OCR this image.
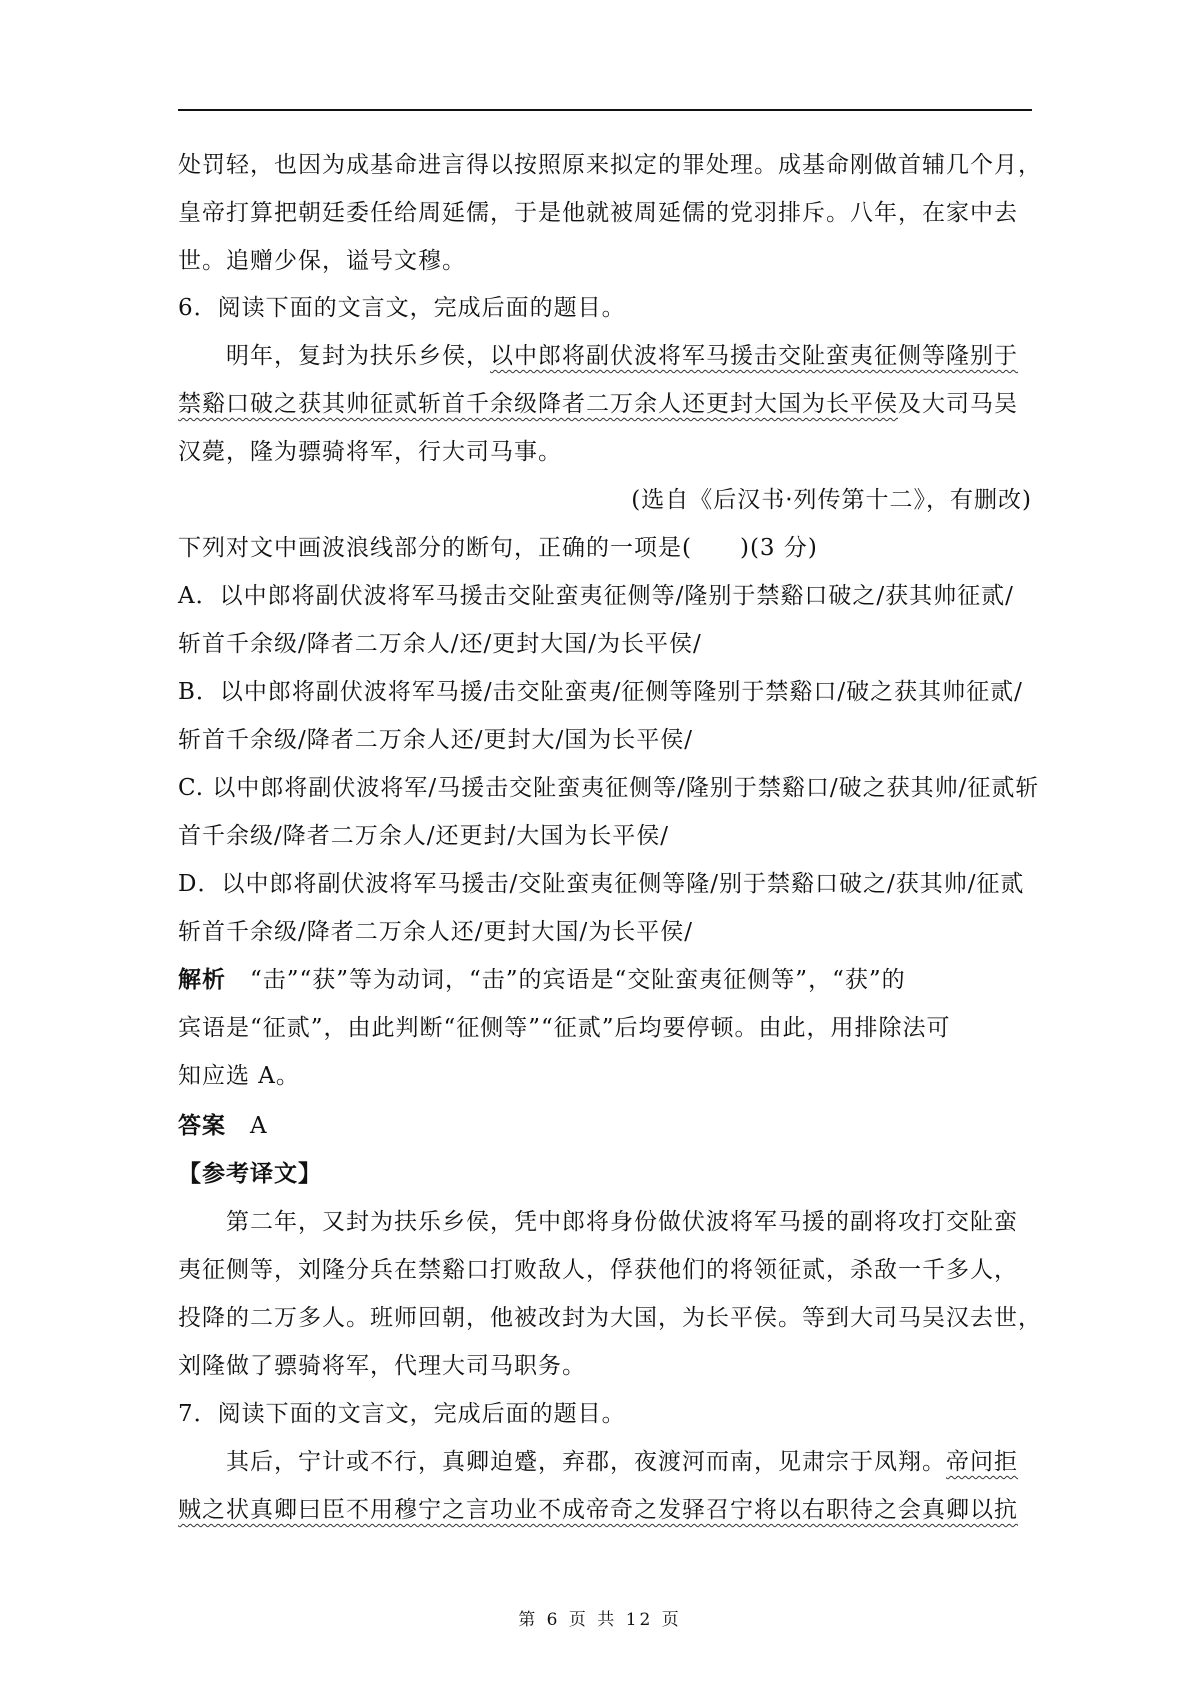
处罚轻，也因为成基命进言得以按照原来拟定的罪处理。成基命刚做首辅几个月，
皇帝打算把朝廷委任给周延儒，于是他就被周延儒的党羽排斥。八年，在家中去
世。追赠少保，谥号文穆。
6．阅读下面的文言文，完成后面的题目。
明年，复封为扶乐乡侯，以中郎将副伏波将军马援击交阯蛮夷征侧等隆别于
禁谿口破之获其帅征贰斩首千余级降者二万余人还更封大国为长平侯及大司马吴
汉薨，隆为骠骑将军，行大司马事。
(选自《后汉书·列传第十二》，有删改)
下列对文中画波浪线部分的断句，正确的一项是(　　)(3 分)
A．以中郎将副伏波将军马援击交阯蛮夷征侧等/隆别于禁谿口破之/获其帅征贰/
斩首千余级/降者二万余人/还/更封大国/为长平侯/
B．以中郎将副伏波将军马援/击交阯蛮夷/征侧等隆别于禁谿口/破之获其帅征贰/
斩首千余级/降者二万余人还/更封大/国为长平侯/
C. 以中郎将副伏波将军/马援击交阯蛮夷征侧等/隆别于禁谿口/破之获其帅/征贰斩
首千余级/降者二万余人/还更封/大国为长平侯/
D．以中郎将副伏波将军马援击/交阯蛮夷征侧等隆/别于禁谿口破之/获其帅/征贰
斩首千余级/降者二万余人还/更封大国/为长平侯/
解析　“击”“获”等为动词，“击”的宾语是“交阯蛮夷征侧等”，“获”的
宾语是“征贰”，由此判断“征侧等”“征贰”后均要停顿。由此，用排除法可
知应选 A。
答案　A
【参考译文】
第二年，又封为扶乐乡侯，凭中郎将身份做伏波将军马援的副将攻打交阯蛮
夷征侧等，刘隆分兵在禁谿口打败敌人，俘获他们的将领征贰，杀敌一千多人，
投降的二万多人。班师回朝，他被改封为大国，为长平侯。等到大司马吴汉去世，
刘隆做了骠骑将军，代理大司马职务。
7．阅读下面的文言文，完成后面的题目。
其后，宁计或不行，真卿迫蹙，弃郡，夜渡河而南，见肃宗于凤翔。帝问拒
贼之状真卿曰臣不用穆宁之言功业不成帝奇之发驿召宁将以右职待之会真卿以抗
第 6 页 共 12 页
